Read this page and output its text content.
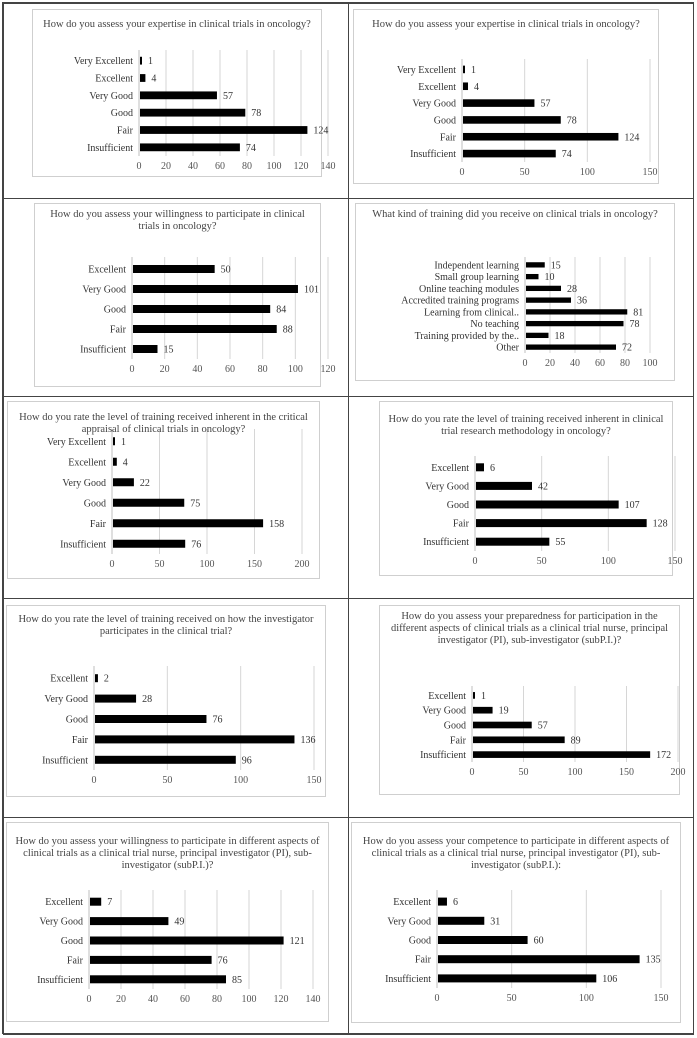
0 20 40 60 80 100 120 140
Very Excellent 1
Excellent 4
Very Good	57
Good	78
Fair	124
Insufficient	74
How do you assess your expertise in clinical trials in oncology?
0	50	100	150
Very Excellent 1
Excellent 4
Very Good	57
Good	78
Fair	124
Insufficient	74
How do you assess your expertise in clinical trials in oncology?
0	20 40 60 80 100 120
Excellent	50
Very Good	101
Good	84
Fair	88
Insufficient	15
How do you assess your willingness to participate in clinical trials in oncology?
0 20 40 60 80 100
Independent learning	15
Small group learning	10
Online teaching modules	28
Accredited training programs	36
Learning from clinical..	81
No teaching	78
Training provided by the..	18
Other	72
What kind of training did you receive on clinical trials in oncology?
0	50	100	150	200
Very Excellent 1
Excellent 4
Very Good	22
Good	75
Fair	158
Insufficient	76
How do you rate the level of training received inherent in the critical appraisal of clinical trials in oncology?
0	50	100	150
Excellent 6
Very Good	42
Good	107
Fair	128
Insufficient	55
How do you rate the level of training received inherent in clinical trial research methodology in oncology?
0	50	100	150
Excellent 2
Very Good	28
Good	76
Fair	136
Insufficient	96
How do you rate the level of training received on how the investigator participates in the clinical trial?
0	50	100	150	200
Excellent 1
Very Good	19
Good	57
Fair	89
Insufficient	172
How do you assess your preparedness for participation in the different aspects of clinical trials as a clinical trial nurse, principal investigator (PI), sub-investigator (subP.I.)?
0 20 40 60 80 100 120 140
Excellent 7
Very Good	49
Good	121
Fair	76
Insufficient	85
How do you assess your willingness to participate in different aspects of clinical trials as a clinical trial nurse, principal investigator (PI), sub-investigator (subP.I.)?
0	50	100	150
Excellent 6
Very Good	31
Good	60
Fair	135
Insufficient	106
How do you assess your competence to participate in different aspects of clinical trials as a clinical trial nurse, principal investigator (PI), sub-investigator (subP.I.):
